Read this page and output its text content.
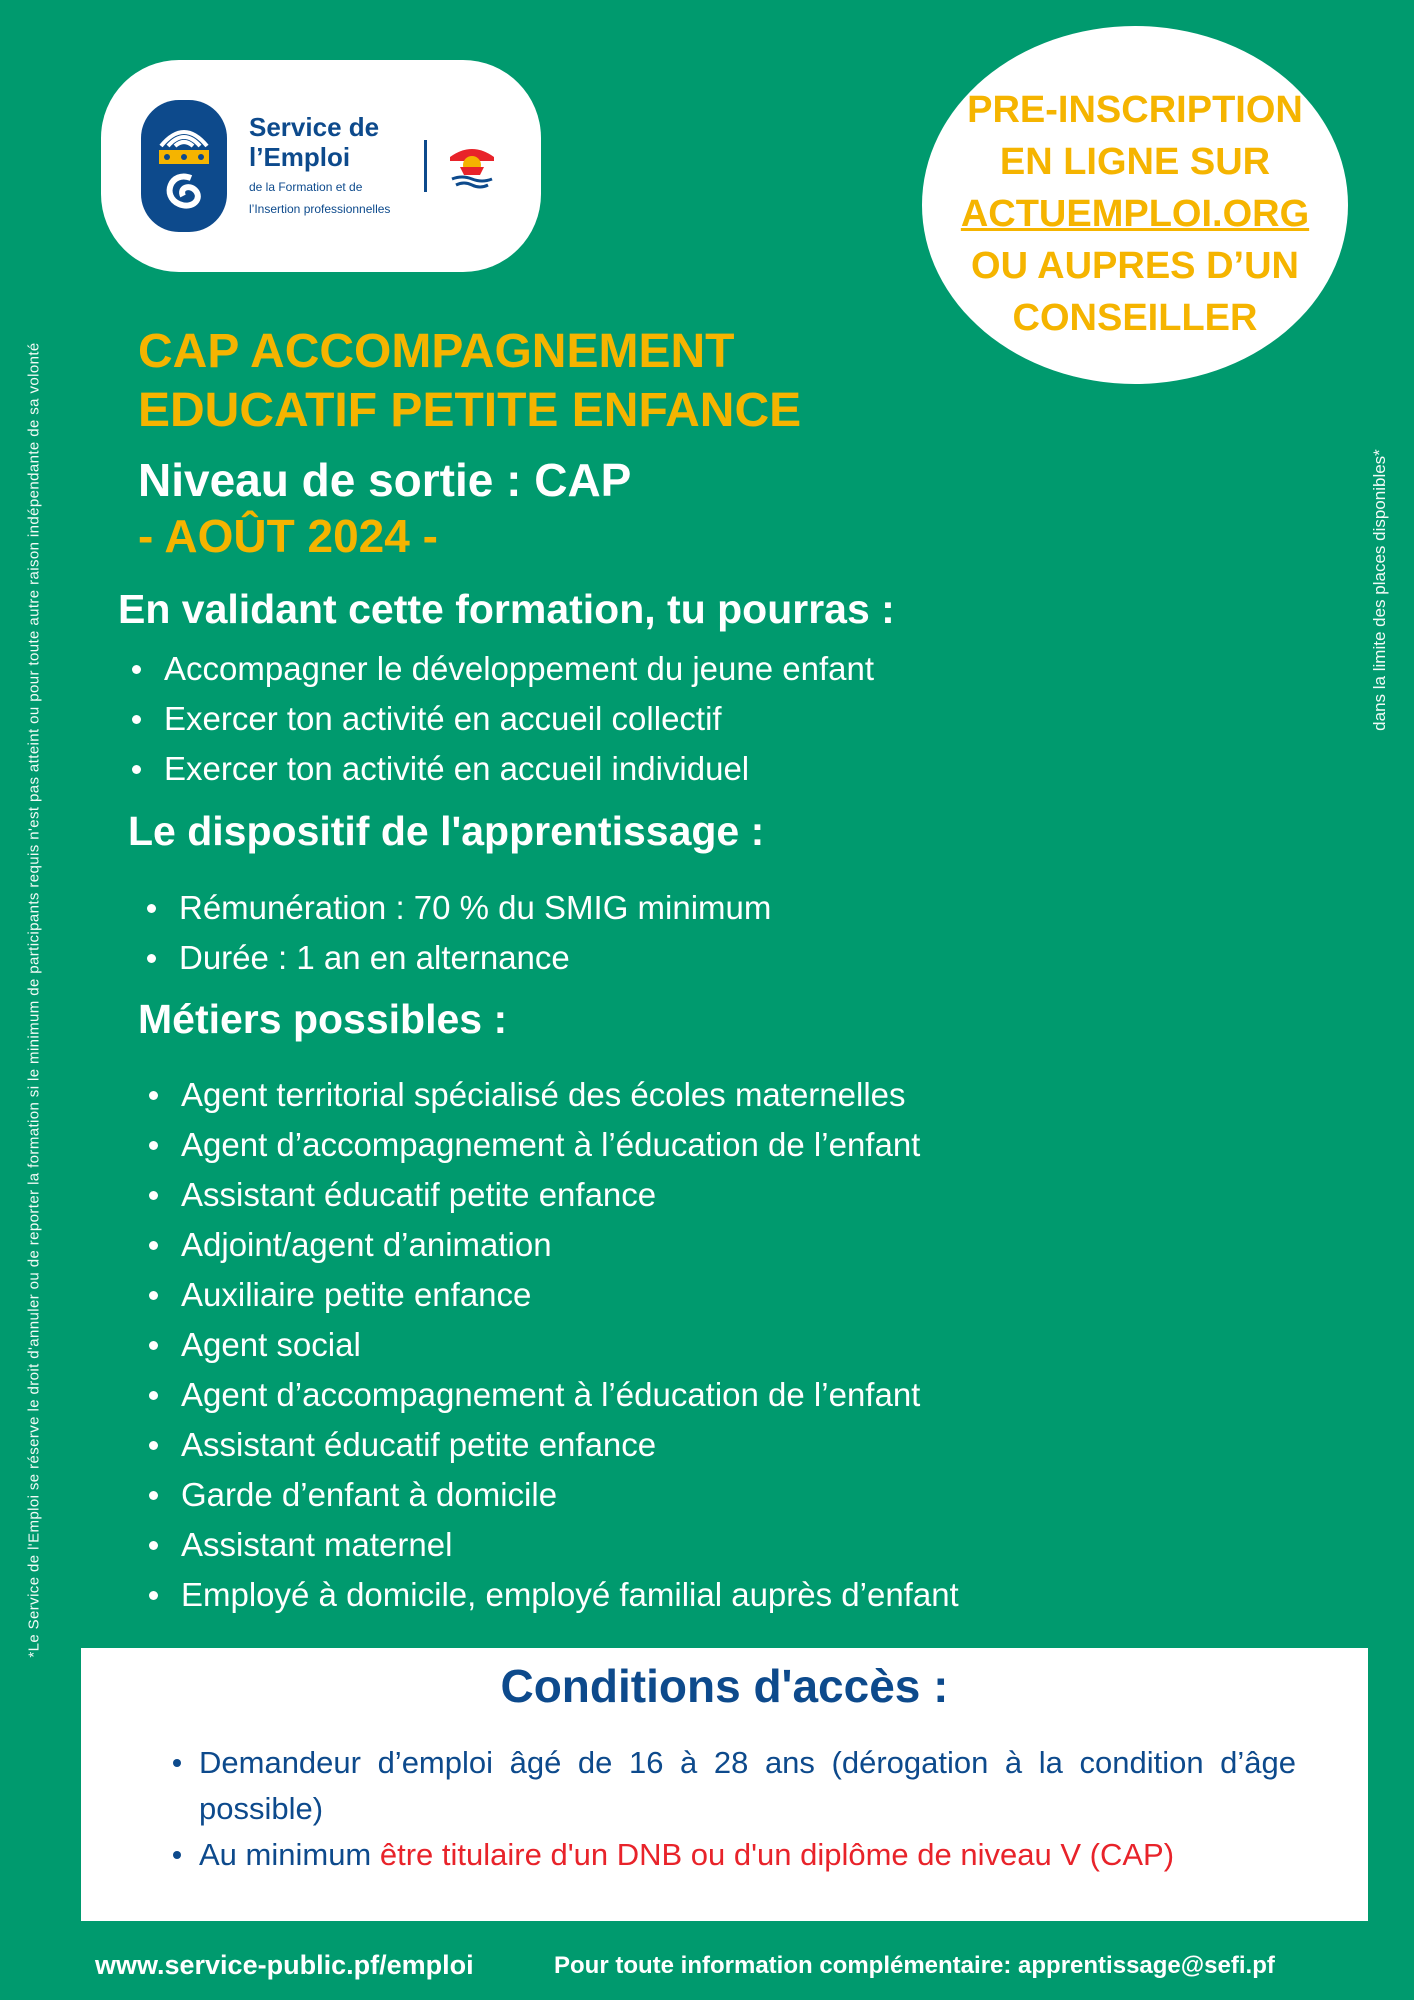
*Le Service de l'Emploi se réserve le droit d'annuler ou de reporter la formation si le minimum de participants requis n'est pas atteint ou pour toute autre raison indépendante de sa volonté	dans la limite des places disponibles*
Service de
l’Emploi
de la Formation et de
l’Insertion professionnelles
PRE-INSCRIPTION
EN LIGNE SUR
ACTUEMPLOI.ORG
OU AUPRES D’UN
CONSEILLER
CAP ACCOMPAGNEMENT
EDUCATIF PETITE ENFANCE
Niveau de sortie : CAP
- AOÛT 2024 -
En validant cette formation, tu pourras :
Accompagner le développement du jeune enfant
Exercer ton activité en accueil collectif
Exercer ton activité en accueil individuel
Le dispositif de l'apprentissage :
Rémunération : 70 % du SMIG minimum
Durée : 1 an en alternance
Métiers possibles :
Agent territorial spécialisé des écoles maternelles
Agent d’accompagnement à l’éducation de l’enfant
Assistant éducatif petite enfance
Adjoint/agent d’animation
Auxiliaire petite enfance
Agent social
Agent d’accompagnement à l’éducation de l’enfant
Assistant éducatif petite enfance
Garde d’enfant à domicile
Assistant maternel
Employé à domicile, employé familial auprès d’enfant
Conditions d'accès :
Demandeur d’emploi âgé de 16 à 28 ans (dérogation à la condition d’âge possible)
Au minimum être titulaire d'un DNB ou d'un diplôme de niveau V (CAP)
www.service-public.pf/emploi	Pour toute information complémentaire: apprentissage@sefi.pf
